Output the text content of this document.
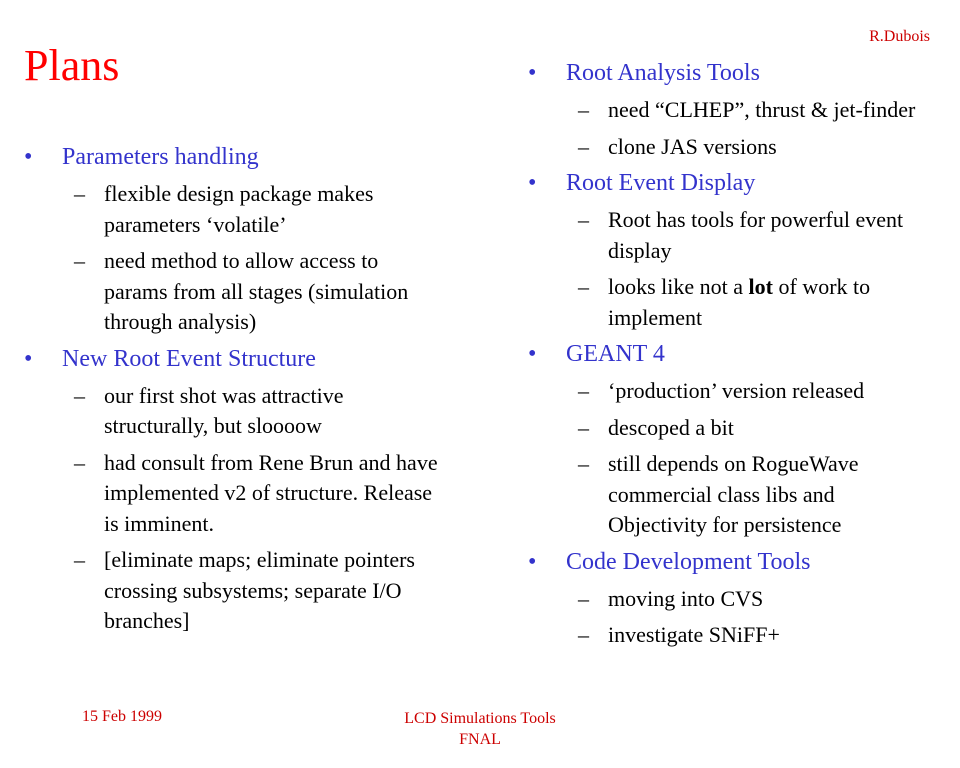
Plans
R.Dubois
• Parameters handling
– flexible design package makes parameters ‘volatile’
– need method to allow access to params from all stages (simulation through analysis)
• New Root Event Structure
– our first shot was attractive structurally, but sloooow
– had consult from Rene Brun and have implemented v2 of structure. Release is imminent.
– [eliminate maps; eliminate pointers crossing subsystems; separate I/O branches]
• Root Analysis Tools
– need “CLHEP”, thrust & jet-finder
– clone JAS versions
• Root Event Display
– Root has tools for powerful event display
– looks like not a lot of work to implement
• GEANT 4
– ‘production’ version released
– descoped a bit
– still depends on RogueWave commercial class libs and Objectivity for persistence
• Code Development Tools
– moving into CVS
– investigate SNiFF+
15 Feb 1999	LCD Simulations Tools
FNAL
